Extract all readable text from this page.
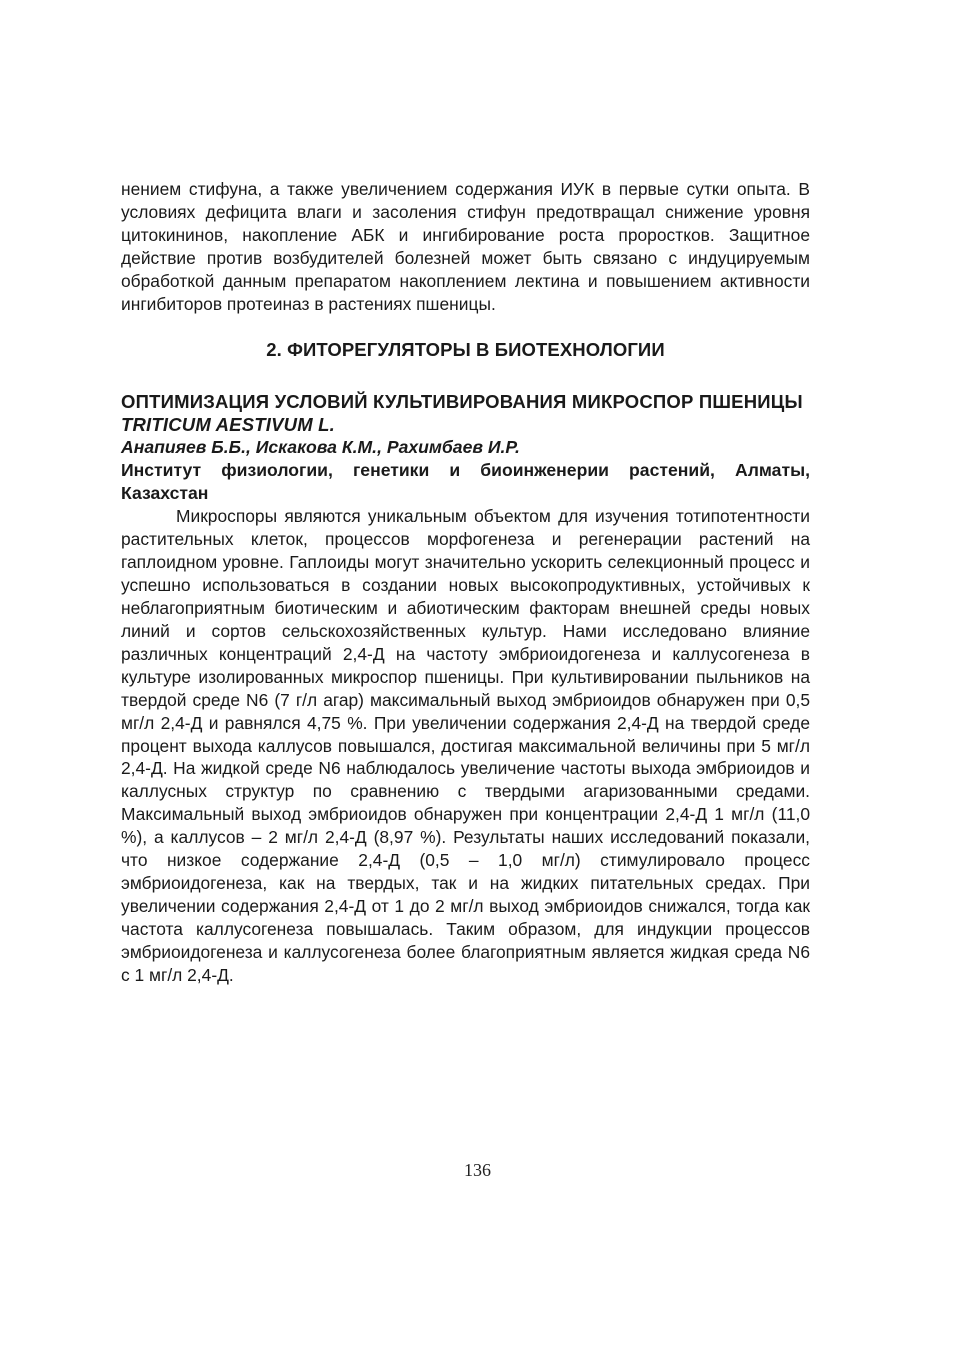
нением стифуна, а также увеличением содержания ИУК в первые сутки опыта. В условиях дефицита влаги и засоления стифун предотвращал снижение уровня цитокининов, накопление АБК и ингибирование роста проростков. Защитное действие против возбудителей болезней может быть связано с индуцируемым обработкой данным препаратом накоплением лектина и повышением активности ингибиторов протеиназ в растениях пшеницы.

2. ФИТОРЕГУЛЯТОРЫ В БИОТЕХНОЛОГИИ
ОПТИМИЗАЦИЯ УСЛОВИЙ КУЛЬТИВИРОВАНИЯ МИКРОСПОР ПШЕНИЦЫ TRITICUM AESTIVUM L.

Анапияев Б.Б., Искакова К.М., Рахимбаев И.Р.

Институт физиологии, генетики и биоинженерии растений, Алматы, Казахстан

Микроспоры являются уникальным объектом для изучения тотипотентности растительных клеток, процессов морфогенеза и регенерации растений на гаплоидном уровне. Гаплоиды могут значительно ускорить селекционный процесс и успешно использоваться в создании новых высокопродуктивных, устойчивых к неблагоприятным биотическим и абиотическим факторам внешней среды новых линий и сортов сельскохозяйственных культур. Нами исследовано влияние различных концентраций 2,4-Д на частоту эмбриоидогенеза и каллусогенеза в культуре изолированных микроспор пшеницы. При культивировании пыльников на твердой среде N6 (7 г/л агар) максимальный выход эмбриоидов обнаружен при 0,5 мг/л 2,4-Д и равнялся 4,75 %. При увеличении содержания 2,4-Д на твердой среде процент выхода каллусов повышался, достигая максимальной величины при 5 мг/л 2,4-Д. На жидкой среде N6 наблюдалось увеличение частоты выхода эмбриоидов и каллусных структур по сравнению с твердыми агаризованными средами. Максимальный выход эмбриоидов обнаружен при концентрации 2,4-Д 1 мг/л (11,0 %), а каллусов – 2 мг/л 2,4-Д (8,97 %). Результаты наших исследований показали, что низкое содержание 2,4-Д (0,5 – 1,0 мг/л) стимулировало процесс эмбриоидогенеза, как на твердых, так и на жидких питательных средах. При увеличении содержания 2,4-Д от 1 до 2 мг/л выход эмбриоидов снижался, тогда как частота каллусогенеза повышалась. Таким образом, для индукции процессов эмбриоидогенеза и каллусогенеза более благоприятным является жидкая среда N6 с 1 мг/л 2,4-Д.

136
